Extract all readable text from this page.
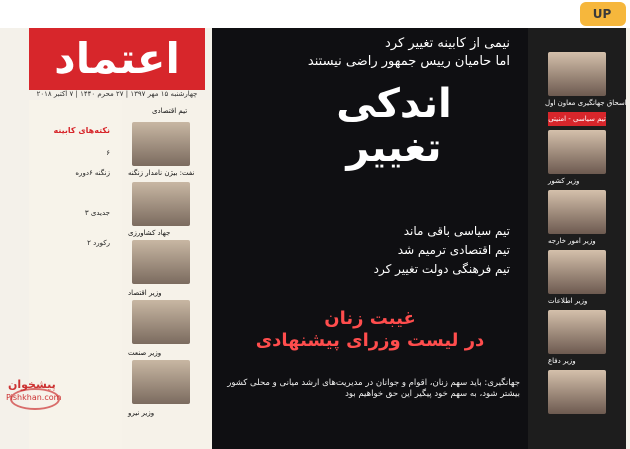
UP
اعتماد
چهارشنبه ۱۵ مهر ۱۳۹۷ | ۲۷ محرم ۱۴۴۰ | ۷ اکتبر ۲۰۱۸
نیمی از کابینه تغییر کرد
اما حامیان رییس جمهور راضی نیستند
اندکی
تغییر
تیم سیاسی باقی ماند
تیم اقتصادی ترمیم شد
تیم فرهنگی دولت تغییر کرد
غیبت زنان
در لیست وزرای پیشنهادی
جهانگیری: باید سهم زنان، اقوام و جوانان در مدیریت‌های ارشد میانی و محلی کشور بیشتر شود، به سهم خود پیگیر این حق خواهیم بود
نکته‌های کابینه
۶
زنگنه ۶دوره
۳ جدیدی
۲ رکورد
تیم اقتصادی
نفت: بیژن نامدار زنگنه
جهاد کشاورزی
وزیر اقتصاد
وزیر صنعت
وزیر نیرو
اسحاق جهانگیری معاون اول
تیم سیاسی - امنیتی
وزیر کشور
وزیر امور خارجه
وزیر اطلاعات
وزیر دفاع
پیشخوان
Pishkhan.com
